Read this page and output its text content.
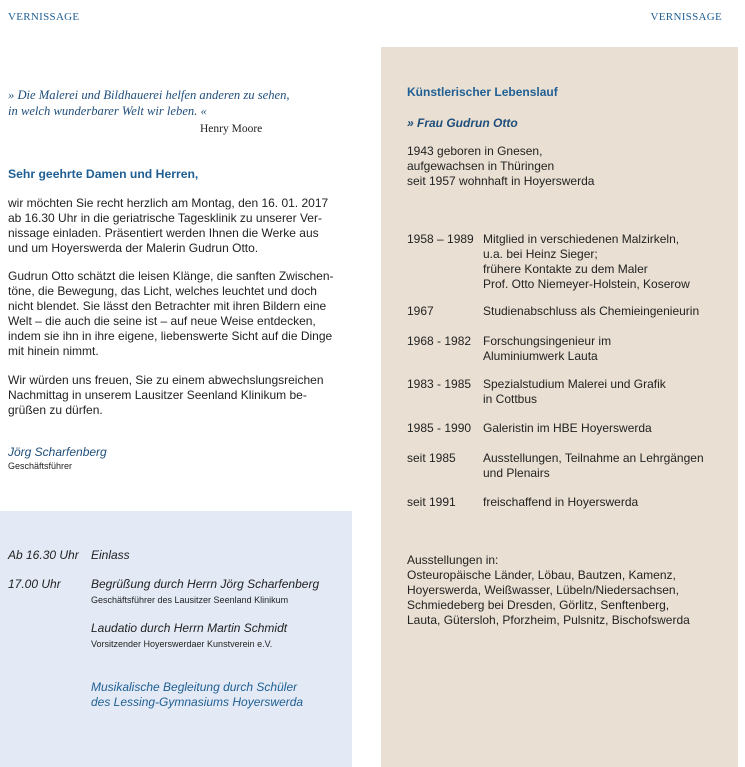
VERNISSAGE	VERNISSAGE
» Die Malerei und Bildhauerei helfen anderen zu sehen,
in welch wunderbarer Welt wir leben. «
Henry Moore
Sehr geehrte Damen und Herren,
wir möchten Sie recht herzlich am Montag, den 16. 01. 2017
ab 16.30 Uhr in die geriatrische Tagesklinik zu unserer Ver-
nissage einladen. Präsentiert werden Ihnen die Werke aus
und um Hoyerswerda der Malerin Gudrun Otto.
Gudrun Otto schätzt die leisen Klänge, die sanften Zwischen-
töne, die Bewegung, das Licht, welches leuchtet und doch
nicht blendet. Sie lässt den Betrachter mit ihren Bildern eine
Welt – die auch die seine ist – auf neue Weise entdecken,
indem sie ihn in ihre eigene, liebenswerte Sicht auf die Dinge
mit hinein nimmt.
Wir würden uns freuen, Sie zu einem abwechslungsreichen
Nachmittag in unserem Lausitzer Seenland Klinikum be-
grüßen zu dürfen.
Jörg Scharfenberg
Geschäftsführer
Ab 16.30 Uhr Einlass
17.00 Uhr	Begrüßung durch Herrn Jörg Scharfenberg
Geschäftsführer des Lausitzer Seenland Klinikum
Laudatio durch Herrn Martin Schmidt
Vorsitzender Hoyerswerdaer Kunstverein e.V.
Musikalische Begleitung durch Schüler
des Lessing-Gymnasiums Hoyerswerda
Künstlerischer Lebenslauf
» Frau Gudrun Otto
1943 geboren in Gnesen,
aufgewachsen in Thüringen
seit 1957 wohnhaft in Hoyerswerda
1958 – 1989 Mitglied in verschiedenen Malzirkeln,
u.a. bei Heinz Sieger;
frühere Kontakte zu dem Maler
Prof. Otto Niemeyer-Holstein, Koserow
1967	Studienabschluss als Chemieingenieurin
1968 - 1982 Forschungsingenieur im
Aluminiumwerk Lauta
1983 - 1985 Spezialstudium Malerei und Grafik
in Cottbus
1985 - 1990 Galeristin im HBE Hoyerswerda
seit 1985 Ausstellungen, Teilnahme an Lehrgängen
und Plenairs
seit 1991 freischaffend in Hoyerswerda
Ausstellungen in:
Osteuropäische Länder, Löbau, Bautzen, Kamenz,
Hoyerswerda, Weißwasser, Lübeln/Niedersachsen,
Schmiedeberg bei Dresden, Görlitz, Senftenberg,
Lauta, Gütersloh, Pforzheim, Pulsnitz, Bischofswerda
